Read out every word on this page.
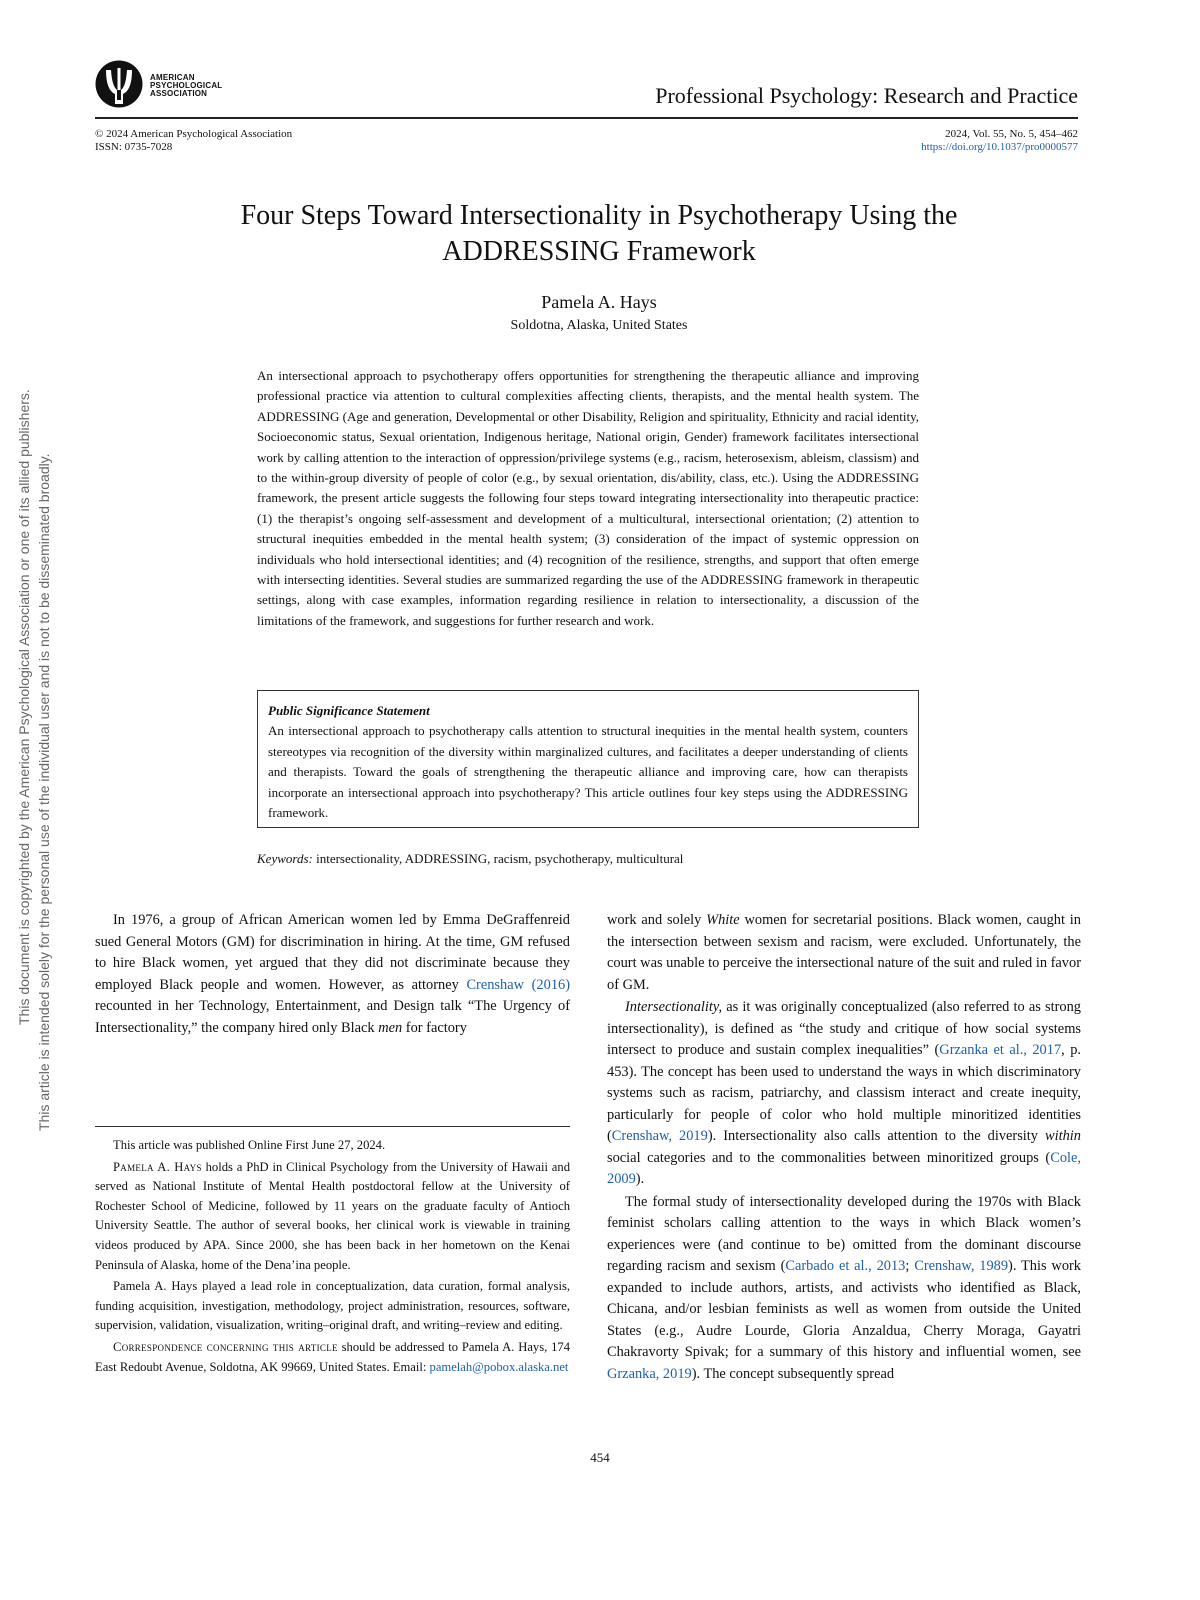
AMERICAN
PSYCHOLOGICAL
ASSOCIATION	Professional Psychology: Research and Practice
© 2024 American Psychological Association
ISSN: 0735-7028
2024, Vol. 55, No. 5, 454–462
https://doi.org/10.1037/pro0000577
Four Steps Toward Intersectionality in Psychotherapy Using the
ADDRESSING Framework
Pamela A. Hays
Soldotna, Alaska, United States
An intersectional approach to psychotherapy offers opportunities for strengthening the therapeutic alliance and improving professional practice via attention to cultural complexities affecting clients, therapists, and the mental health system. The ADDRESSING (Age and generation, Developmental or other Disability, Religion and spirituality, Ethnicity and racial identity, Socioeconomic status, Sexual orientation, Indigenous heritage, National origin, Gender) framework facilitates intersectional work by calling attention to the interaction of oppression/privilege systems (e.g., racism, heterosexism, ableism, classism) and to the within-group diversity of people of color (e.g., by sexual orientation, dis/ability, class, etc.). Using the ADDRESSING framework, the present article suggests the following four steps toward integrating intersectionality into therapeutic practice: (1) the therapist’s ongoing self-assessment and development of a multicultural, intersectional orientation; (2) attention to structural inequities embedded in the mental health system; (3) consideration of the impact of systemic oppression on individuals who hold intersectional identities; and (4) recognition of the resilience, strengths, and support that often emerge with intersecting identities. Several studies are summarized regarding the use of the ADDRESSING framework in therapeutic settings, along with case examples, information regarding resilience in relation to intersectionality, a discussion of the limitations of the framework, and suggestions for further research and work.
Public Significance Statement
An intersectional approach to psychotherapy calls attention to structural inequities in the mental health system, counters stereotypes via recognition of the diversity within marginalized cultures, and facilitates a deeper understanding of clients and therapists. Toward the goals of strengthening the therapeutic alliance and improving care, how can therapists incorporate an intersectional approach into psychotherapy? This article outlines four key steps using the ADDRESSING framework.
Keywords: intersectionality, ADDRESSING, racism, psychotherapy, multicultural
This document is copyrighted by the American Psychological Association or one of its allied publishers. This article is intended solely for the personal use of the individual user and is not to be disseminated broadly.	In 1976, a group of African American women led by Emma DeGraffenreid sued General Motors (GM) for discrimination in hiring. At the time, GM refused to hire Black women, yet argued that they did not discriminate because they employed Black people and women. However, as attorney Crenshaw (2016) recounted in her Technology, Entertainment, and Design talk “The Urgency of Intersectionality,” the company hired only Black men for factory

This article was published Online First June 27, 2024.

Pamela A. Hays holds a PhD in Clinical Psychology from the University of Hawaii and served as National Institute of Mental Health postdoctoral fellow at the University of Rochester School of Medicine, followed by 11 years on the graduate faculty of Antioch University Seattle. The author of several books, her clinical work is viewable in training videos produced by APA. Since 2000, she has been back in her hometown on the Kenai Peninsula of Alaska, home of the Dena’ina people.

Pamela A. Hays played a lead role in conceptualization, data curation, formal analysis, funding acquisition, investigation, methodology, project administration, resources, software, supervision, validation, visualization, writing–original draft, and writing–review and editing.

Correspondence concerning this article should be addressed to Pamela A. Hays, 174 East Redoubt Avenue, Soldotna, AK 99669, United States. Email: pamelah@pobox.alaska.net

work and solely White women for secretarial positions. Black women, caught in the intersection between sexism and racism, were excluded. Unfortunately, the court was unable to perceive the intersectional nature of the suit and ruled in favor of GM.

Intersectionality, as it was originally conceptualized (also referred to as strong intersectionality), is defined as “the study and critique of how social systems intersect to produce and sustain complex inequalities” (Grzanka et al., 2017, p. 453). The concept has been used to understand the ways in which discriminatory systems such as racism, patriarchy, and classism interact and create inequity, particularly for people of color who hold multiple minoritized identities (Crenshaw, 2019). Intersectionality also calls attention to the diversity within social categories and to the commonalities between minoritized groups (Cole, 2009).

The formal study of intersectionality developed during the 1970s with Black feminist scholars calling attention to the ways in which Black women’s experiences were (and continue to be) omitted from the dominant discourse regarding racism and sexism (Carbado et al., 2013; Crenshaw, 1989). This work expanded to include authors, artists, and activists who identified as Black, Chicana, and/or lesbian feminists as well as women from outside the United States (e.g., Audre Lourde, Gloria Anzaldua, Cherry Moraga, Gayatri Chakravorty Spivak; for a summary of this history and influential women, see Grzanka, 2019). The concept subsequently spread

454
